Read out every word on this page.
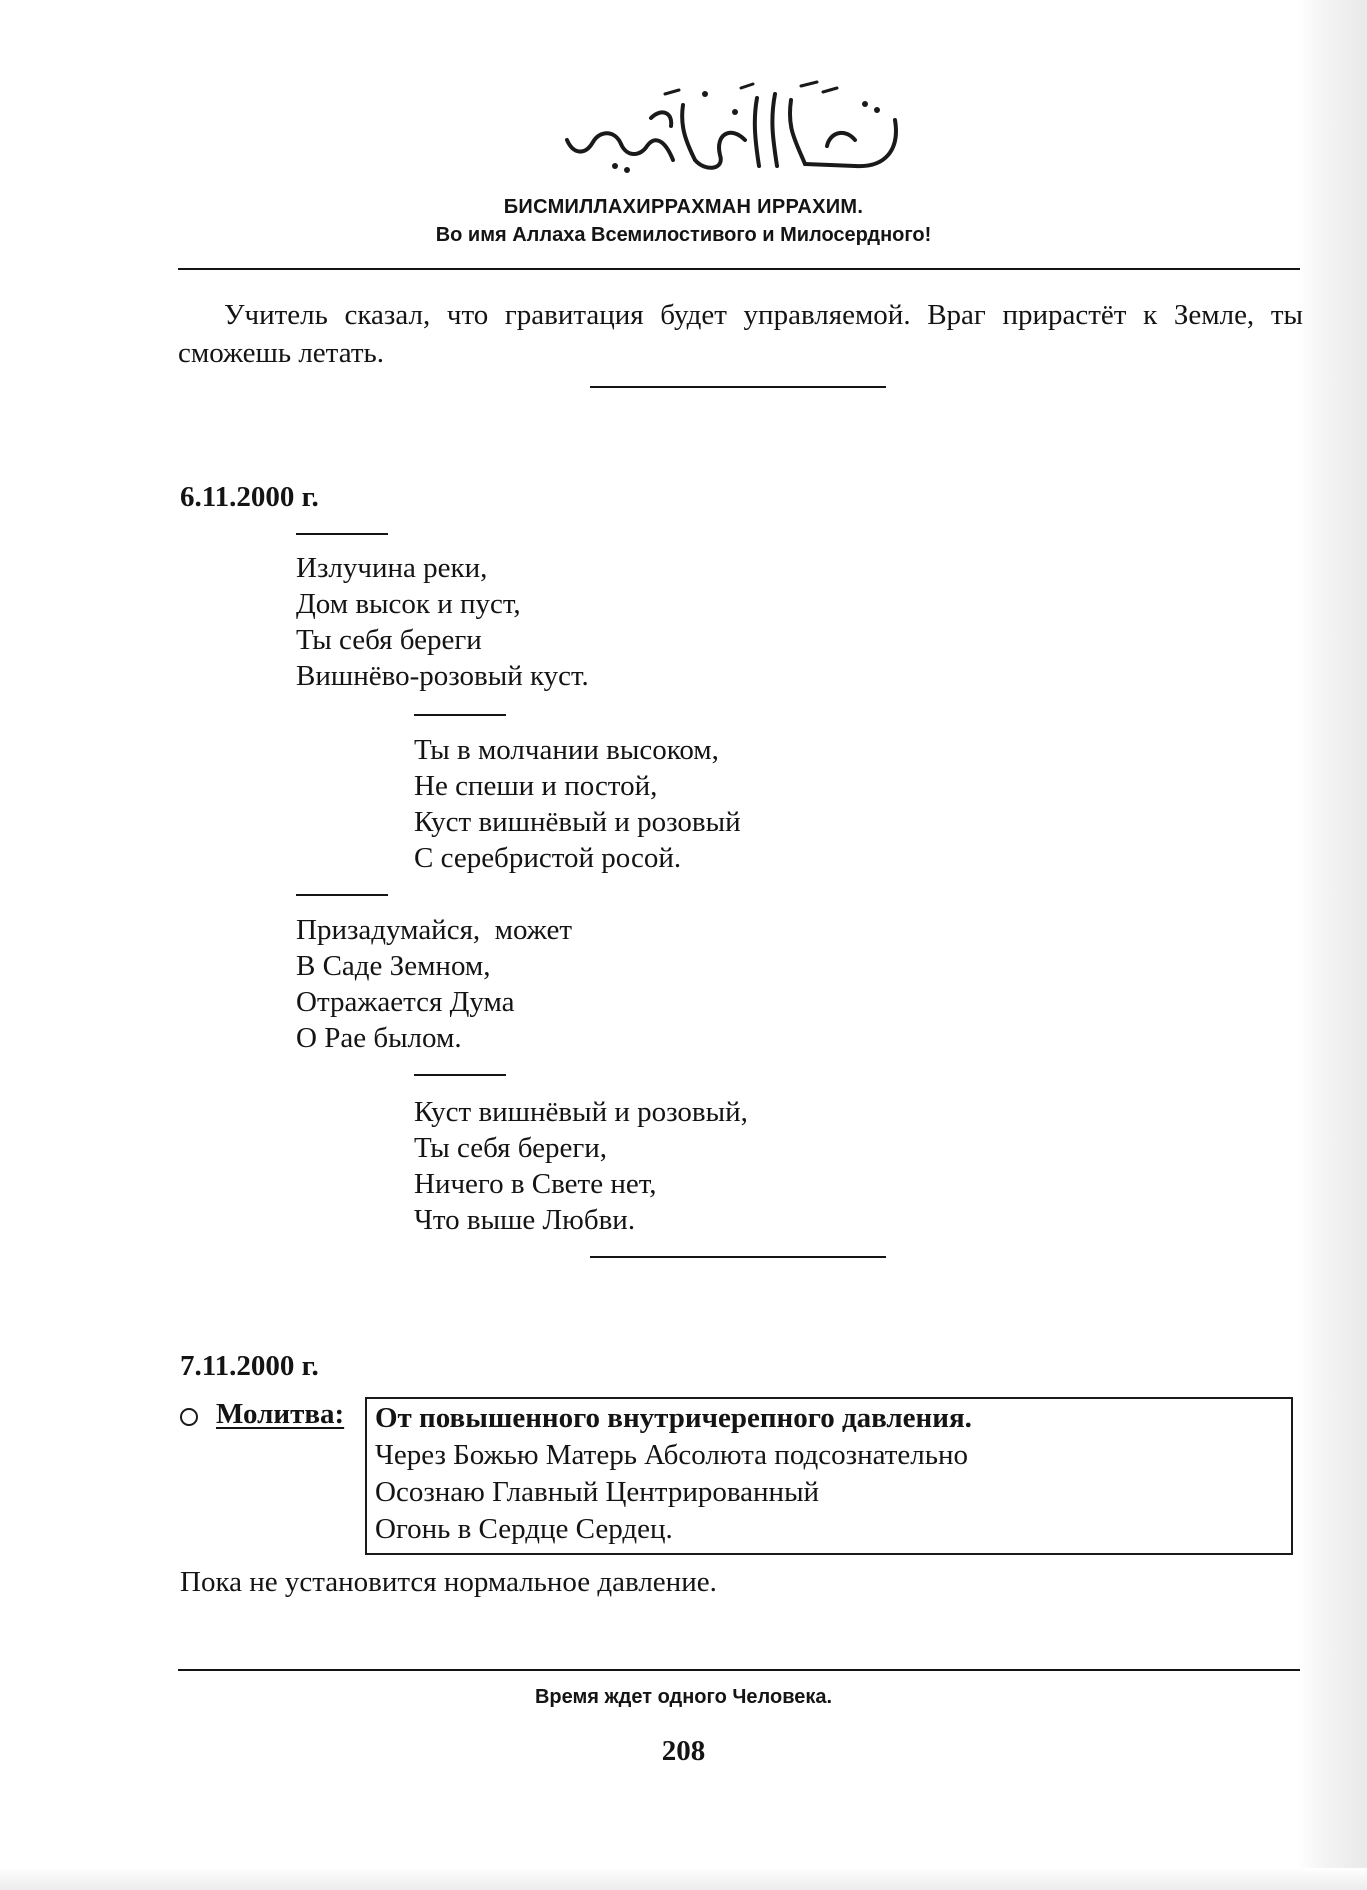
БИСМИЛЛАХИРРАХМАН ИРРАХИМ.
Во имя Аллаха Всемилостивого и Милосердного!

Учитель сказал, что гравитация будет управляемой. Враг прирастёт к Земле, ты сможешь летать.

6.11.2000 г.
Излучина реки,
Дом высок и пуст,
Ты себя береги
Вишнёво-розовый куст.
Ты в молчании высоком,
Не спеши и постой,
Куст вишнёвый и розовый
С серебристой росой.
Призадумайся,  может
В Саде Земном,
Отражается Дума
О Рае былом.
Куст вишнёвый и розовый,
Ты себя береги,
Ничего в Свете нет,
Что выше Любви.
7.11.2000 г.
Молитва: От повышенного внутричерепного давления.
Через Божью Матерь Абсолюта подсознательно
Осознаю Главный Центрированный
Огонь в Сердце Сердец.
Пока не установится нормальное давление.
Время ждет одного Человека.
208
